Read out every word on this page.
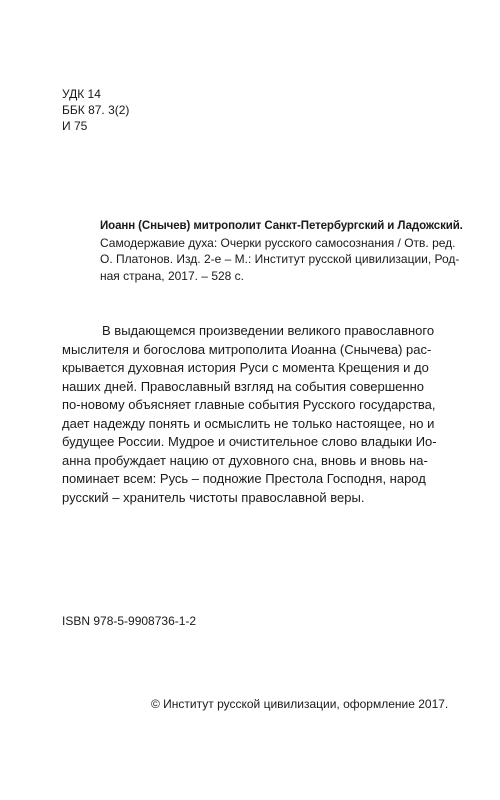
УДК 14
ББК 87. 3(2)
И 75
Иоанн (Снычев) митрополит Санкт-Петербургский и Ладожский.
Самодержавие духа: Очерки русского самосознания / Отв. ред.
О. Платонов. Изд. 2-е – М.: Институт русской цивилизации, Род-
ная страна, 2017. – 528 с.
В выдающемся произведении великого православного
мыслителя и богослова митрополита Иоанна (Снычева) рас-
крывается духовная история Руси с момента Крещения и до
наших дней. Православный взгляд на события совершенно
по-новому объясняет главные события Русского государства,
дает надежду понять и осмыслить не только настоящее, но и
будущее России. Мудрое и очистительное слово владыки Ио-
анна пробуждает нацию от духовного сна, вновь и вновь на-
поминает всем: Русь – подножие Престола Господня, народ
русский – хранитель чистоты православной веры.
ISBN 978-5-9908736-1-2
© Институт русской цивилизации, оформление 2017.
